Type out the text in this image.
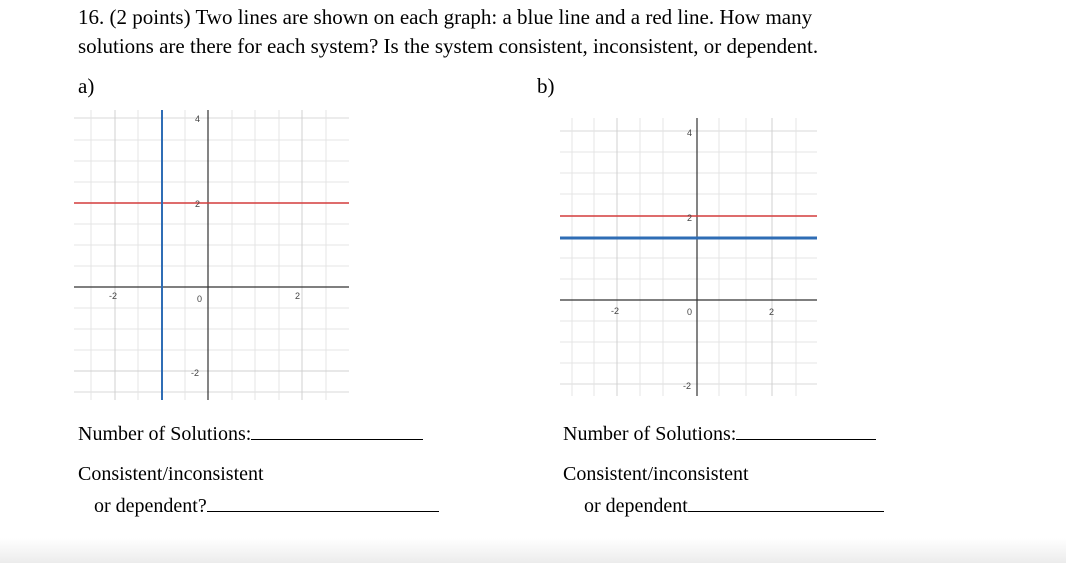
16. (2 points) Two lines are shown on each graph: a blue line and a red line. How many
solutions are there for each system? Is the system consistent, inconsistent, or dependent.
a)	b)
4
2
-2
-2	0	2
4
2
-2
-2	0	2
Number of Solutions:
Consistent/inconsistent
or dependent?
Number of Solutions:
Consistent/inconsistent
or dependent
